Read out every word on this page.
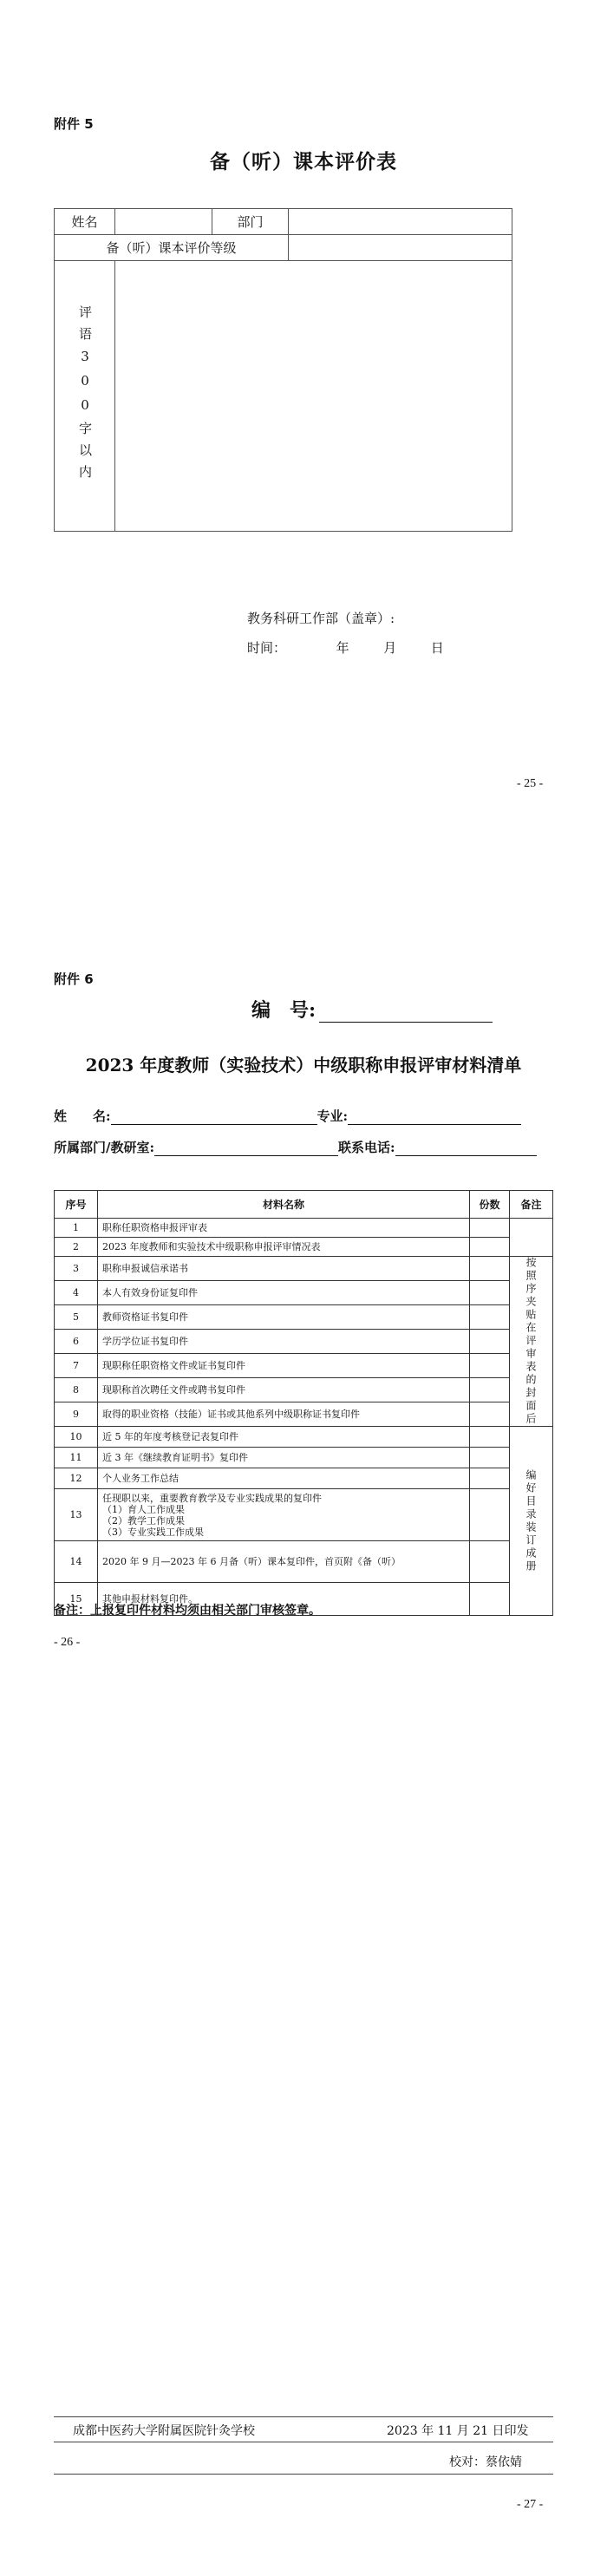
附件 5
备（听）课本评价表
姓名		部门	
备（听）课本评价等级			

评语300字以内			

教务科研工作部（盖章）:
时间：	年	月	日
- 25 -
附件 6
编　号:
2023 年度教师（实验技术）中级职称申报评审材料清单
姓　　名:	专业:
所属部门/教研室:	联系电话:
序号	材料名称	份数	备注
1	职称任职资格申报评审表		
2	2023 年度教师和实验技术中级职称申报评审情况表		
3	职称申报诚信承诺书		按照序夹贴在评审表的封面后

4	本人有效身份证复印件		
5	教师资格证书复印件		
6	学历学位证书复印件		
7	现职称任职资格文件或证书复印件		
8	现职称首次聘任文件或聘书复印件		
9	取得的职业资格（技能）证书或其他系列中级职称证书复印件		
10	近 5 年的年度考核登记表复印件		编好目录装订成册

11	近 3 年《继续教育证明书》复印件		
12	个人业务工作总结		
13	任现职以来，重要教育教学及专业实践成果的复印件
（1）育人工作成果
（2）教学工作成果
（3）专业实践工作成果		

14	2020 年 9 月—2023 年 6 月备（听）课本复印件，首页附《备（听）		
15	其他申报材料复印件。		
备注：上报复印件材料均须由相关部门审核签章。
- 26 -
成都中医药大学附属医院针灸学校	2023 年 11 月 21 日印发
校对：蔡依婧
- 27 -
